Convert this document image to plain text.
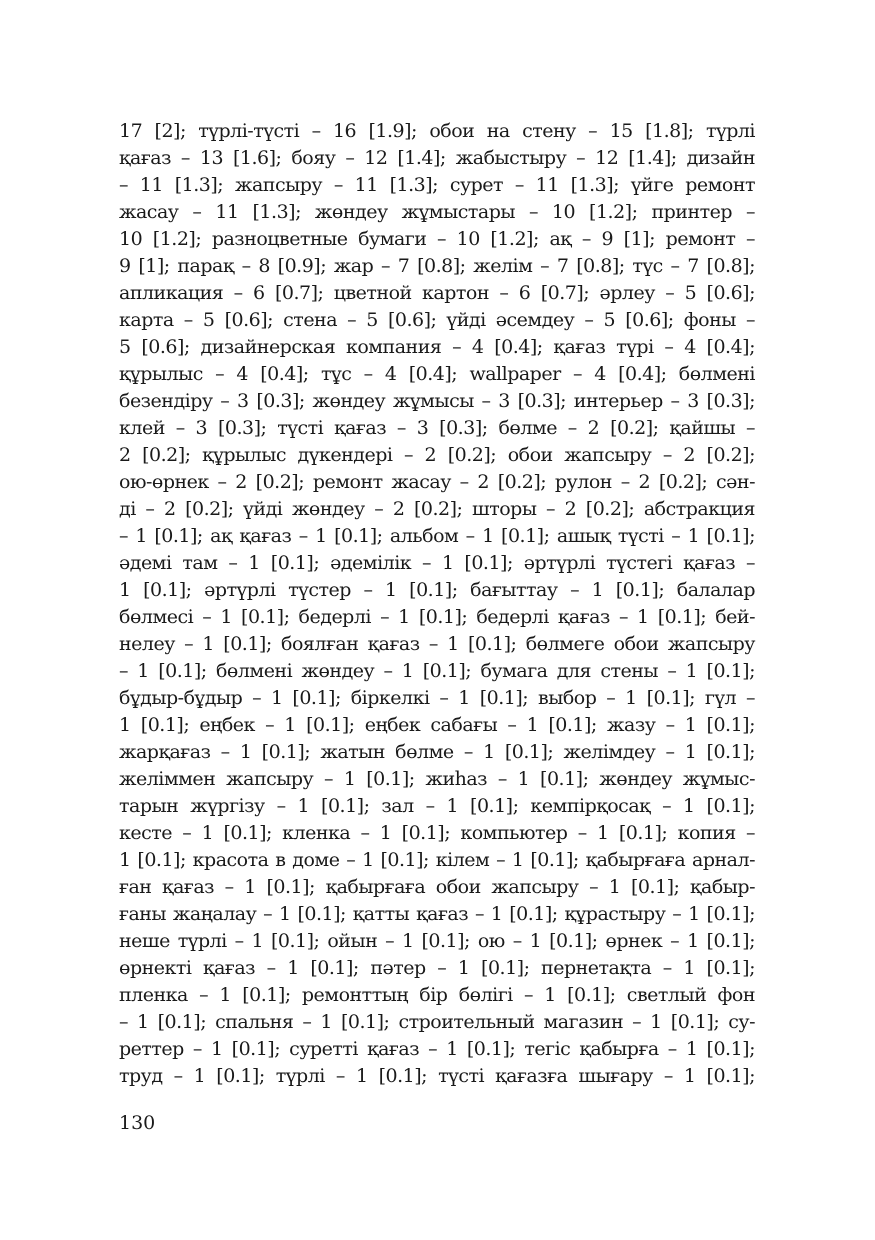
17 [2]; түрлі-түсті – 16 [1.9]; обои на стену – 15 [1.8]; түрлі
қағаз – 13 [1.6]; бояу – 12 [1.4]; жабыстыру – 12 [1.4]; дизайн
– 11 [1.3]; жапсыру – 11 [1.3]; сурет – 11 [1.3]; үйге ремонт
жасау – 11 [1.3]; жөндеу жұмыстары – 10 [1.2]; принтер –
10 [1.2]; разноцветные бумаги – 10 [1.2]; ақ – 9 [1]; ремонт –
9 [1]; парақ – 8 [0.9]; жар – 7 [0.8]; желім – 7 [0.8]; түс – 7 [0.8];
апликация – 6 [0.7]; цветной картон – 6 [0.7]; әрлеу – 5 [0.6];
карта – 5 [0.6]; стена – 5 [0.6]; үйді әсемдеу – 5 [0.6]; фоны –
5 [0.6]; дизайнерская компания – 4 [0.4]; қағаз түрі – 4 [0.4];
құрылыс – 4 [0.4]; тұс – 4 [0.4]; wallpaper – 4 [0.4]; бөлмені
безендіру – 3 [0.3]; жөндеу жұмысы – 3 [0.3]; интерьер – 3 [0.3];
клей – 3 [0.3]; түсті қағаз – 3 [0.3]; бөлме – 2 [0.2]; қайшы –
2 [0.2]; құрылыс дүкендері – 2 [0.2]; обои жапсыру – 2 [0.2];
ою-өрнек – 2 [0.2]; ремонт жасау – 2 [0.2]; рулон – 2 [0.2]; сән-
ді – 2 [0.2]; үйді жөндеу – 2 [0.2]; шторы – 2 [0.2]; абстракция
– 1 [0.1]; ақ қағаз – 1 [0.1]; альбом – 1 [0.1]; ашық түсті – 1 [0.1];
әдемі там – 1 [0.1]; әдемілік – 1 [0.1]; әртүрлі түстегі қағаз –
1 [0.1]; әртүрлі түстер – 1 [0.1]; бағыттау – 1 [0.1]; балалар
бөлмесі – 1 [0.1]; бедерлі – 1 [0.1]; бедерлі қағаз – 1 [0.1]; бей-
нелеу – 1 [0.1]; боялған қағаз – 1 [0.1]; бөлмеге обои жапсыру
– 1 [0.1]; бөлмені жөндеу – 1 [0.1]; бумага для стены – 1 [0.1];
бұдыр-бұдыр – 1 [0.1]; біркелкі – 1 [0.1]; выбор – 1 [0.1]; гүл –
1 [0.1]; еңбек – 1 [0.1]; еңбек сабағы – 1 [0.1]; жазу – 1 [0.1];
жарқағаз – 1 [0.1]; жатын бөлме – 1 [0.1]; желімдеу – 1 [0.1];
желіммен жапсыру – 1 [0.1]; жиһаз – 1 [0.1]; жөндеу жұмыс-
тарын жүргізу – 1 [0.1]; зал – 1 [0.1]; кемпірқосақ – 1 [0.1];
кесте – 1 [0.1]; кленка – 1 [0.1]; компьютер – 1 [0.1]; копия –
1 [0.1]; красота в доме – 1 [0.1]; кілем – 1 [0.1]; қабырғаға арнал-
ған қағаз – 1 [0.1]; қабырғаға обои жапсыру – 1 [0.1]; қабыр-
ғаны жаңалау – 1 [0.1]; қатты қағаз – 1 [0.1]; құрастыру – 1 [0.1];
неше түрлі – 1 [0.1]; ойын – 1 [0.1]; ою – 1 [0.1]; өрнек – 1 [0.1];
өрнекті қағаз – 1 [0.1]; пәтер – 1 [0.1]; пернетақта – 1 [0.1];
пленка – 1 [0.1]; ремонттың бір бөлігі – 1 [0.1]; светлый фон
– 1 [0.1]; спальня – 1 [0.1]; строительный магазин – 1 [0.1]; су-
реттер – 1 [0.1]; суретті қағаз – 1 [0.1]; тегіс қабырға – 1 [0.1];
труд – 1 [0.1]; түрлі – 1 [0.1]; түсті қағазға шығару – 1 [0.1];
130
